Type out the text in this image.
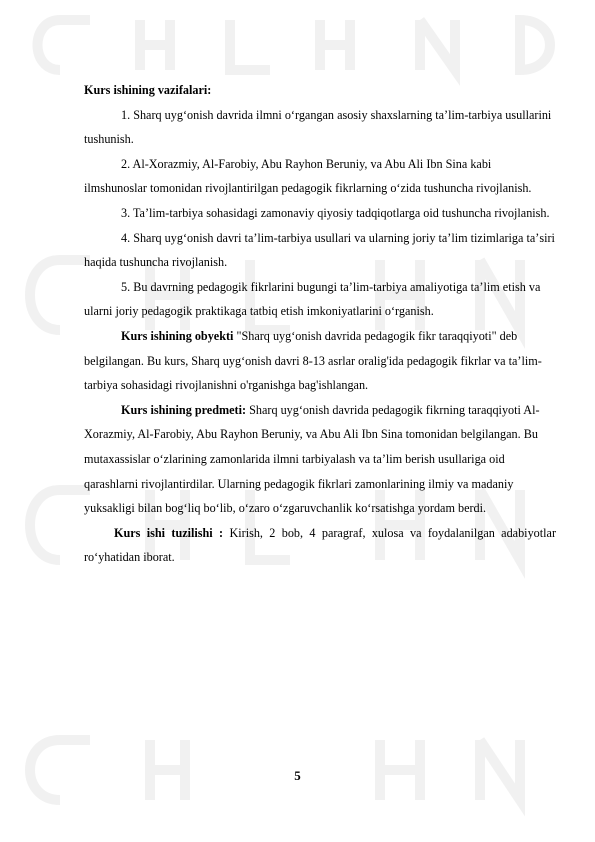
Kurs ishining vazifalari:

1. Sharq uygʻonish davrida ilmni oʻrgangan asosiy shaxslarning taʼlim-tarbiya usullarini tushunish.

2. Al-Xorazmiy, Al-Farobiy, Abu Rayhon Beruniy, va Abu Ali Ibn Sina kabi ilmshunoslar tomonidan rivojlantirilgan pedagogik fikrlarning oʻzida tushuncha rivojlanish.

3. Taʼlim-tarbiya sohasidagi zamonaviy qiyosiy tadqiqotlarga oid tushuncha rivojlanish.

4. Sharq uygʻonish davri taʼlim-tarbiya usullari va ularning joriy taʼlim tizimlariga taʼsiri haqida tushuncha rivojlanish.

5. Bu davrning pedagogik fikrlarini bugungi taʼlim-tarbiya amaliyotiga taʼlim etish va ularni joriy pedagogik praktikaga tatbiq etish imkoniyatlarini oʻrganish.

Kurs ishining obyekti "Sharq uygʻonish davrida pedagogik fikr taraqqiyoti" deb belgilangan. Bu kurs, Sharq uygʻonish davri 8-13 asrlar oralig'ida pedagogik fikrlar va taʼlim-tarbiya sohasidagi rivojlanishni o'rganishga bag'ishlangan.

Kurs ishining predmeti: Sharq uygʻonish davrida pedagogik fikrning taraqqiyoti Al-Xorazmiy, Al-Farobiy, Abu Rayhon Beruniy, va Abu Ali Ibn Sina tomonidan belgilangan. Bu mutaxassislar oʻzlarining zamonlarida ilmni tarbiyalash va taʼlim berish usullariga oid qarashlarni rivojlantirdilar. Ularning pedagogik fikrlari zamonlarining ilmiy va madaniy yuksakligi bilan bogʻliq boʻlib, oʻzaro oʻzgaruvchanlik koʻrsatishga yordam berdi.

Kurs ishi tuzilishi : Kirish, 2 bob, 4 paragraf, xulosa va foydalanilgan adabiyotlar roʻyhatidan iborat.

5
